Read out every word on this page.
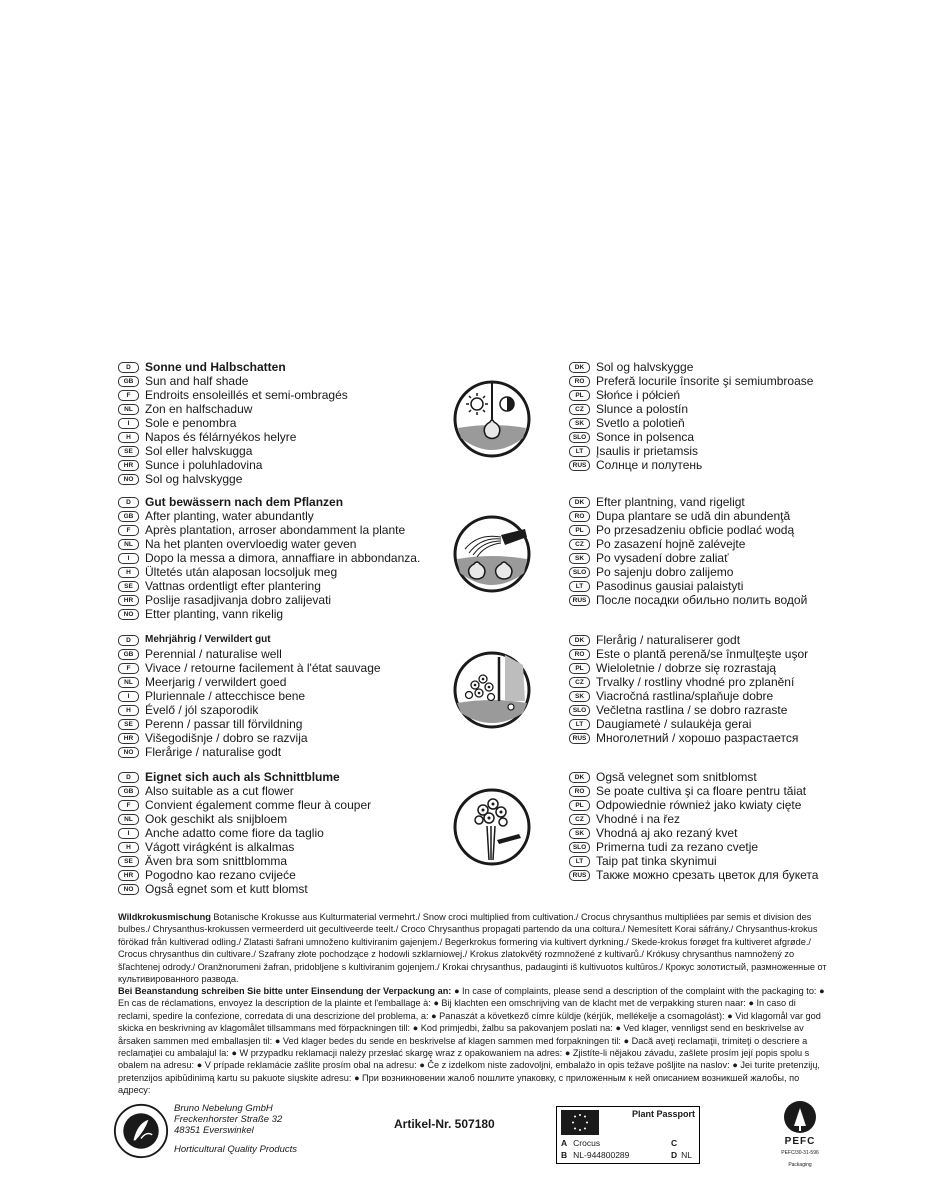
D	Sonne und Halbschatten
GB Sun and half shade
F	Endroits ensoleillés et semi-ombragés
NL	Zon en halfschaduw
I	Sole e penombra
H	Napos és félárnyékos helyre
SE	Sol eller halvskugga
HR Sunce i poluhladovina
NO Sol og halvskygge
DK Sol og halvskygge
RO Preferă locurile însorite şi semiumbroase
PL	Słońce i półcień
CZ	Slunce a polostín
SK Svetlo a polotieň
SLO Sonce in polsenca
LT	Įsaulis ir prietamsis
RUS Солнце и полутень
D	Gut bewässern nach dem Pflanzen
GB After planting, water abundantly
F	Après plantation, arroser abondamment la plante
NL	Na het planten overvloedig water geven
I	Dopo la messa a dimora, annaffiare in abbondanza.
H	Ültetés után alaposan locsoljuk meg
SE	Vattnas ordentligt efter plantering
HR Poslije rasadjivanja dobro zalijevati
NO Etter planting, vann rikelig
DK Efter plantning, vand rigeligt
RO Dupa plantare se udă din abundenţă
PL	Po przesadzeniu obficie podlać wodą
CZ	Po zasazení hojně zalévejte
SK Po vysadení dobre zaliať
SLO Po sajenju dobro zalijemo
LT	Pasodinus gausiai palaistyti
RUS После посадки обильно полить водой
D	Mehrjährig / Verwildert gut
GB Perennial / naturalise well
F	Vivace / retourne facilement à l'état sauvage
NL	Meerjarig / verwildert goed
I	Pluriennale / attecchisce bene
H	Évelő / jól szaporodik
SE	Perenn / passar till förvildning
HR Višegodišnje / dobro se razvija
NO Flerårige / naturalise godt
DK Flerårig / naturaliserer godt
RO Este o plantă perenă/se înmulţeşte uşor
PL	Wieloletnie / dobrze się rozrastają
CZ	Trvalky / rostliny vhodné pro zplanění
SK Viacročná rastlina/splaňuje dobre
SLO Večletna rastlina / se dobro razraste
LT	Daugiametė / sulaukėja gerai
RUS Многолетний / хорошо разрастается
D	Eignet sich auch als Schnittblume
GB Also suitable as a cut flower
F	Convient également comme fleur à couper
NL	Ook geschikt als snijbloem
I	Anche adatto come fiore da taglio
H	Vágott virágként is alkalmas
SE	Även bra som snittblomma
HR Pogodno kao rezano cvijeće
NO Også egnet som et kutt blomst
DK Ogsă velegnet som snitblomst
RO Se poate cultiva şi ca floare pentru tăiat
PL	Odpowiednie również jako kwiaty cięte
CZ	Vhodné i na řez
SK Vhodná aj ako rezaný kvet
SLO Primerna tudi za rezano cvetje
LT	Taip pat tinka skynimui
RUS Также можно срезать цветок для букета
Wildkrokusmischung Botanische Krokusse aus Kulturmaterial vermehrt./ Snow croci multiplied from cultivation./ Crocus chrysanthus multipliées par semis et division des bulbes./ Chrysanthus-krokussen vermeerderd uit gecultiveerde teelt./ Croco Chrysanthus propagati partendo da una coltura./ Nemesített Korai sáfrány./ Chrysanthus-krokus förökad från kultiverad odling./ Zlatasti šafrani umnoženo kultiviranim gajenjem./ Begerkrokus formering via kultivert dyrkning./ Skede-krokus forøget fra kultiveret afgrøde./ Crocus chrysanthus din cultivare./ Szafrany złote pochodzące z hodowli szklarniowej./ Krokus zlatokvětý rozmnožené z kultivarů./ Krókusy chrysanthus namnožený zo šľachtenej odrody./ Oranžnorumeni žafran, pridobljene s kultiviranim gojenjem./ Krokai chrysanthus, padauginti iš kultivuotos kultūros./ Крокус золотистый, размноженные от культивированного развода.
Bei Beanstandung schreiben Sie bitte unter Einsendung der Verpackung an: ● In case of complaints, please send a description of the complaint with the packaging to: ● En cas de réclamations, envoyez la description de la plainte et l'emballage à: ● Bij klachten een omschrijving van de klacht met de verpakking sturen naar: ● In caso di reclami, spedire la confezione, corredata di una descrizione del problema, a: ● Panaszát a következő címre küldje (kérjük, mellékelje a csomagolást): ● Vid klagomål var god skicka en beskrivning av klagomålet tillsammans med förpackningen till: ● Kod primjedbi, žalbu sa pakovanjem poslati na: ● Ved klager, vennligst send en beskrivelse av årsaken sammen med emballasjen til: ● Ved klager bedes du sende en beskrivelse af klagen sammen med forpakningen til: ● Dacă aveţi reclamaţii, trimiteţi o descriere a reclamaţiei cu ambalajul la: ● W przypadku reklamacji należy przesłać skargę wraz z opakowaniem na adres: ● Zjistíte-li nějakou závadu, zašlete prosím její popis spolu s obalem na adresu: ● V prípade reklamácie zašlite prosím obal na adresu: ● Če z izdelkom niste zadovoljni, embalažo in opis težave pošljite na naslov: ● Jei turite pretenzijų, pretenzijos apibūdinimą kartu su pakuote siųskite adresu: ● При возникновении жалоб пошлите упаковку, с приложенным к ней описанием возникшей жалобы, по адресу:
Bruno Nebelung GmbH
Freckenhorster Straße 32
48351 Everswinkel
Horticultural Quality Products
Artikel-Nr. 507180
Plant Passport
A Crocus
B NL-944800289
C
D NL
PEFC
PEFC/30-31-596
Packaging
